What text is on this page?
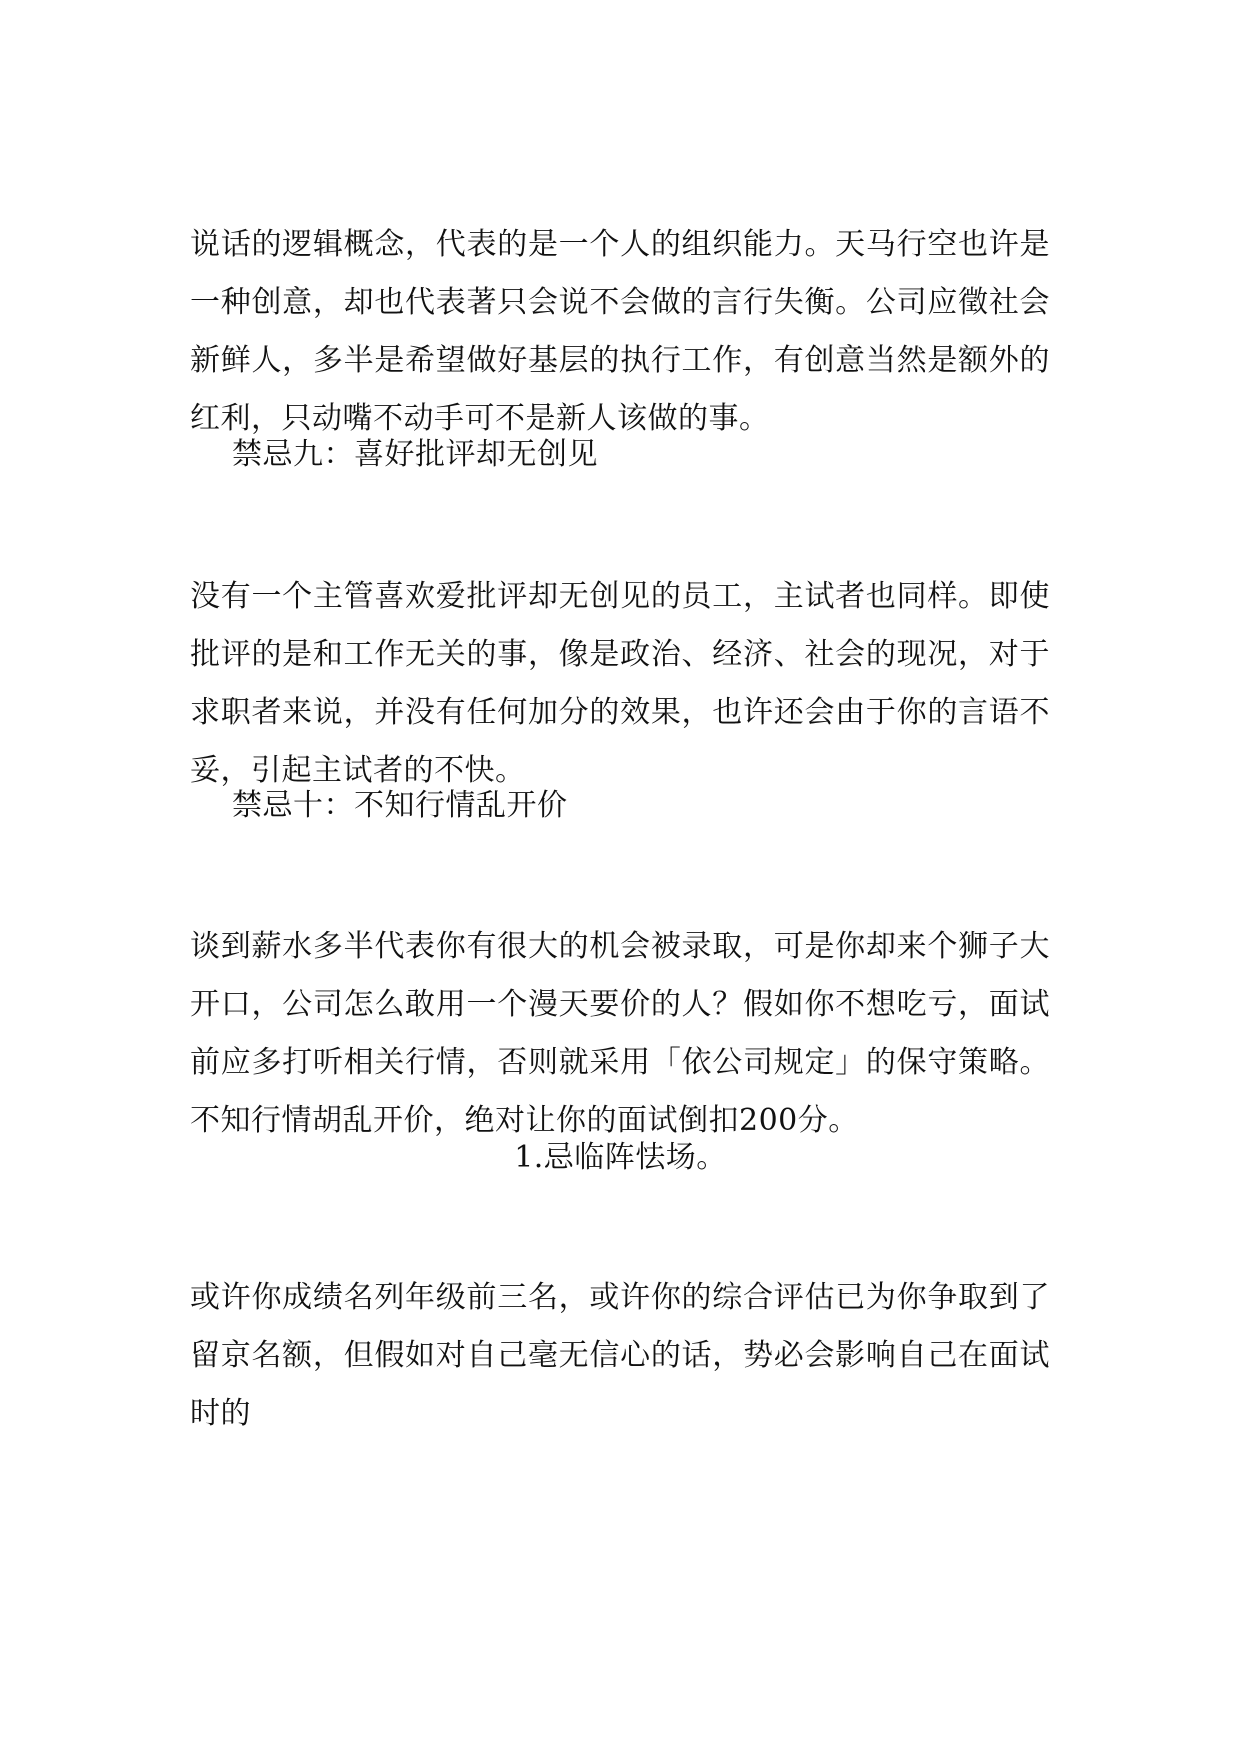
说话的逻辑概念，代表的是一个人的组织能力。天马行空也许是一种创意，却也代表著只会说不会做的言行失衡。公司应徵社会新鲜人，多半是希望做好基层的执行工作，有创意当然是额外的红利，只动嘴不动手可不是新人该做的事。

禁忌九：喜好批评却无创见

没有一个主管喜欢爱批评却无创见的员工，主试者也同样。即使批评的是和工作无关的事，像是政治、经济、社会的现况，对于求职者来说，并没有任何加分的效果，也许还会由于你的言语不妥，引起主试者的不快。

禁忌十：不知行情乱开价

谈到薪水多半代表你有很大的机会被录取，可是你却来个狮子大开口，公司怎么敢用一个漫天要价的人？假如你不想吃亏，面试前应多打听相关行情，否则就采用「依公司规定」的保守策略。不知行情胡乱开价，绝对让你的面试倒扣200分。

1.忌临阵怯场。

或许你成绩名列年级前三名，或许你的综合评估已为你争取到了留京名额，但假如对自己毫无信心的话，势必会影响自己在面试时的
